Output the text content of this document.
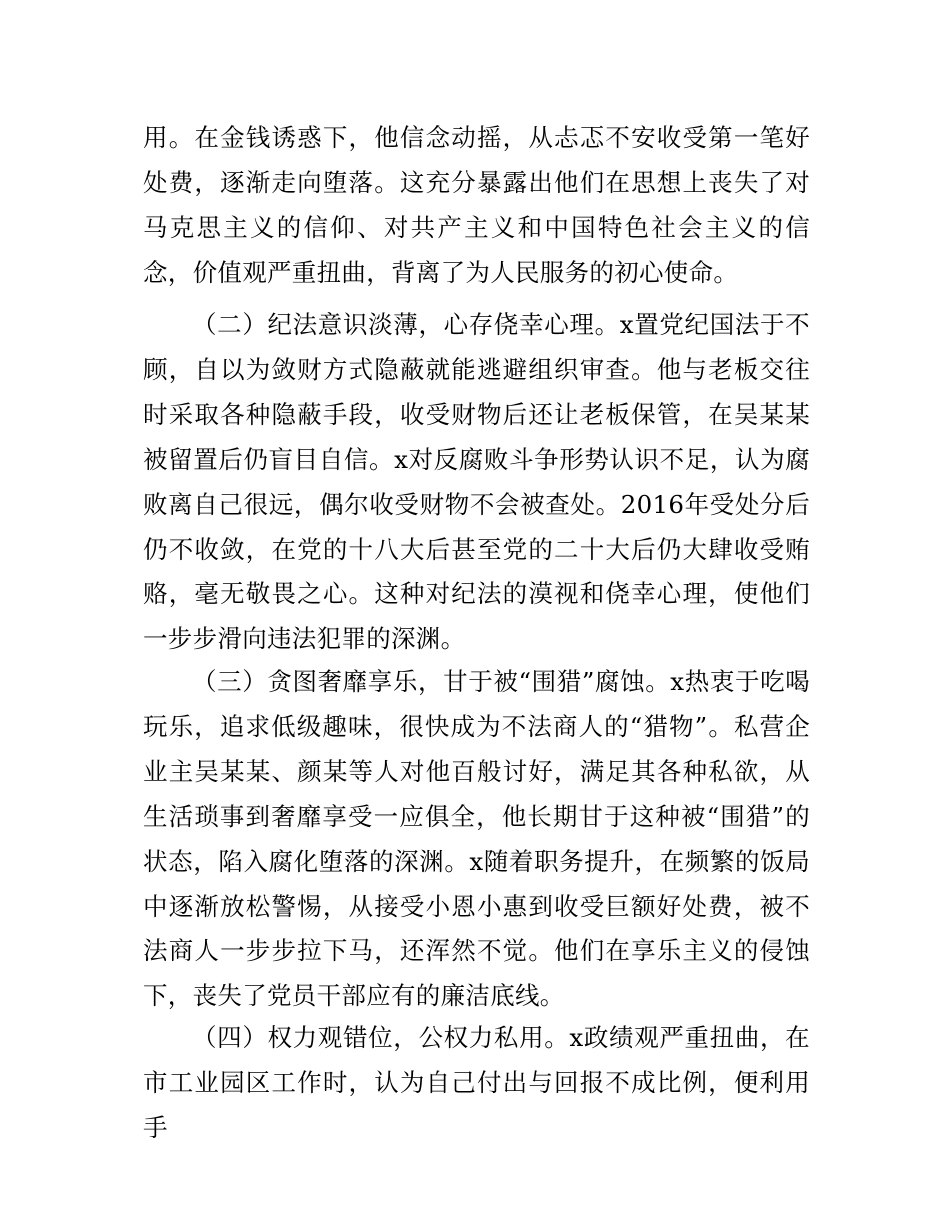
用。在金钱诱惑下，他信念动摇，从忐忑不安收受第一笔好处费，逐渐走向堕落。这充分暴露出他们在思想上丧失了对马克思主义的信仰、对共产主义和中国特色社会主义的信念，价值观严重扭曲，背离了为人民服务的初心使命。

（二）纪法意识淡薄，心存侥幸心理。x置党纪国法于不顾，自以为敛财方式隐蔽就能逃避组织审查。他与老板交往时采取各种隐蔽手段，收受财物后还让老板保管，在吴某某被留置后仍盲目自信。x对反腐败斗争形势认识不足，认为腐败离自己很远，偶尔收受财物不会被查处。2016年受处分后仍不收敛，在党的十八大后甚至党的二十大后仍大肆收受贿赂，毫无敬畏之心。这种对纪法的漠视和侥幸心理，使他们一步步滑向违法犯罪的深渊。

（三）贪图奢靡享乐，甘于被“围猎”腐蚀。x热衷于吃喝玩乐，追求低级趣味，很快成为不法商人的“猎物”。私营企业主吴某某、颜某等人对他百般讨好，满足其各种私欲，从生活琐事到奢靡享受一应俱全，他长期甘于这种被“围猎”的状态，陷入腐化堕落的深渊。x随着职务提升，在频繁的饭局中逐渐放松警惕，从接受小恩小惠到收受巨额好处费，被不法商人一步步拉下马，还浑然不觉。他们在享乐主义的侵蚀下，丧失了党员干部应有的廉洁底线。

（四）权力观错位，公权力私用。x政绩观严重扭曲，在市工业园区工作时，认为自己付出与回报不成比例，便利用手
